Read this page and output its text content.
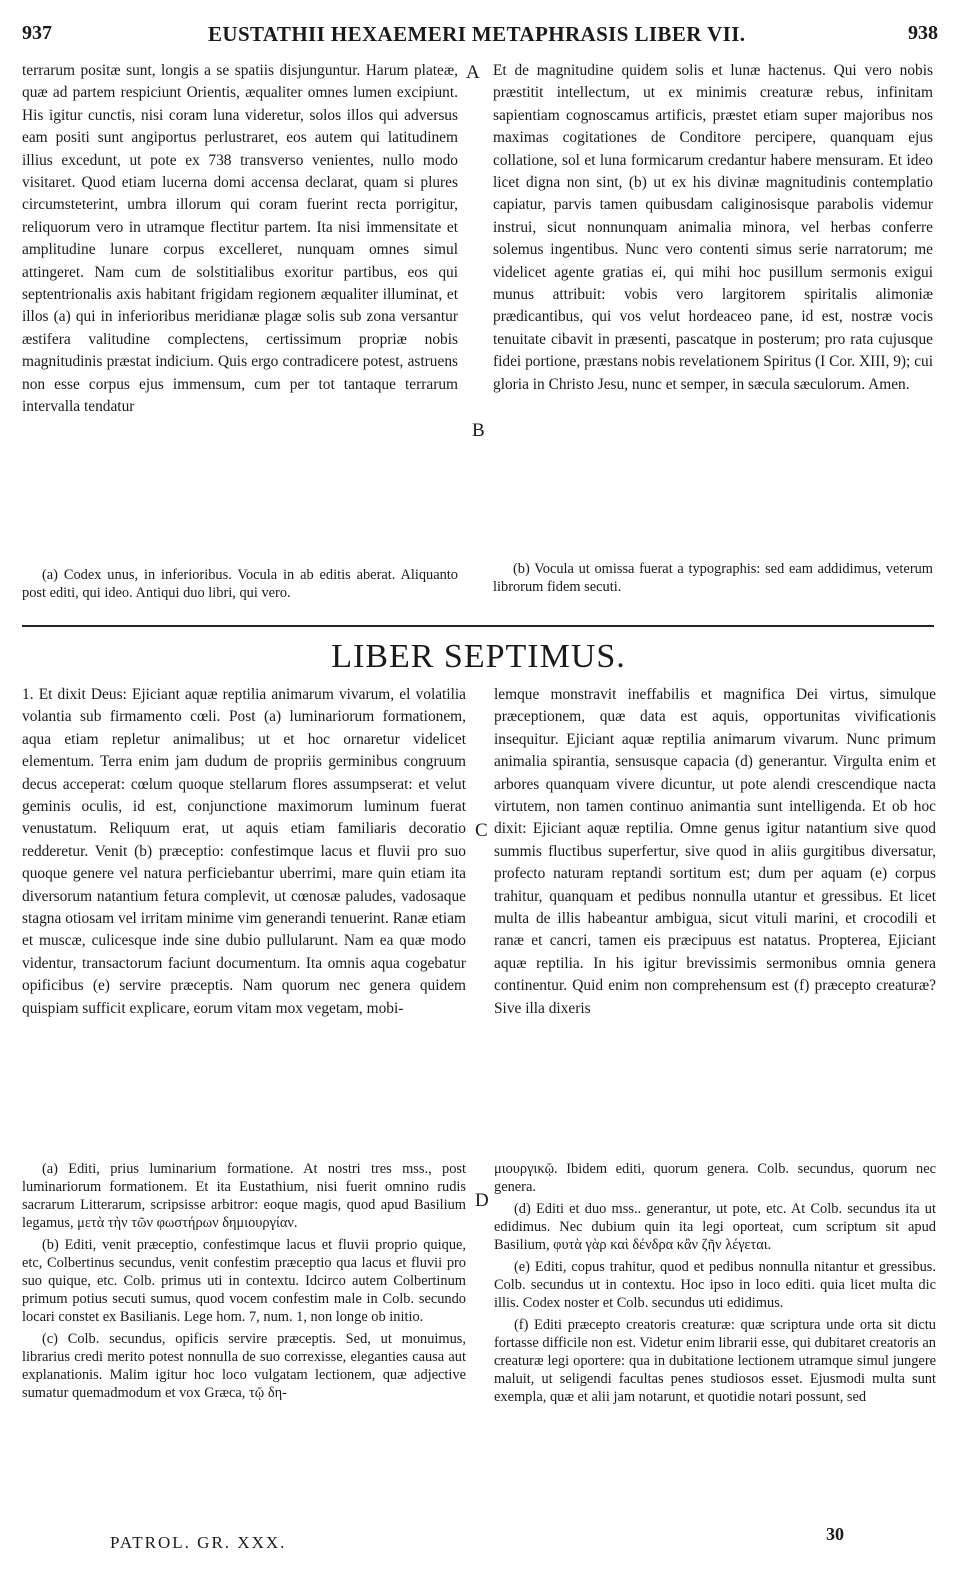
937	EUSTATHII HEXAEMERI METAPHRASIS LIBER VII.	938

terrarum positæ sunt, longis a se spatiis disjunguntur. Harum plateæ, quæ ad partem respiciunt Orientis, æqualiter omnes lumen excipiunt. His igitur cunctis, nisi coram luna videretur, solos illos qui adversus eam positi sunt angiportus perlustraret, eos autem qui latitudinem illius excedunt, ut pote ex 738 transverso venientes, nullo modo visitaret. Quod etiam lucerna domi accensa declarat, quam si plures circumsteterint, umbra illorum qui coram fuerint recta porrigitur, reliquorum vero in utramque flectitur partem. Ita nisi immensitate et amplitudine lunare corpus excelleret, nunquam omnes simul attingeret. Nam cum de solstitialibus exoritur partibus, eos qui septentrionalis axis habitant frigidam regionem æqualiter illuminat, et illos (a) qui in inferioribus meridianæ plagæ solis sub zona versantur æstifera valitudine complectens, certissimum propriæ nobis magnitudinis præstat indicium. Quis ergo contradicere potest, astruens non esse corpus ejus immensum, cum per tot tantaque terrarum intervalla tendatur

(a) Codex unus, in inferioribus. Vocula in ab editis aberat. Aliquanto post editi, qui ideo. Antiqui duo libri, qui vero.

A
B

Et de magnitudine quidem solis et lunæ hactenus. Qui vero nobis præstitit intellectum, ut ex minimis creaturæ rebus, infinitam sapientiam cognoscamus artificis, præstet etiam super majoribus nos maximas cogitationes de Conditore percipere, quanquam ejus collatione, sol et luna formicarum credantur habere mensuram. Et ideo licet digna non sint, (b) ut ex his divinæ magnitudinis contemplatio capiatur, parvis tamen quibusdam caliginosisque parabolis videmur instrui, sicut nonnunquam animalia minora, vel herbas conferre solemus ingentibus. Nunc vero contenti simus serie narratorum; me videlicet agente gratias ei, qui mihi hoc pusillum sermonis exigui munus attribuit: vobis vero largitorem spiritalis alimoniæ prædicantibus, qui vos velut hordeaceo pane, id est, nostræ vocis tenuitate cibavit in præsenti, pascatque in posterum; pro rata cujusque fidei portione, præstans nobis revelationem Spiritus (I Cor. XIII, 9); cui gloria in Christo Jesu, nunc et semper, in sæcula sæculorum. Amen.

(b) Vocula ut omissa fuerat a typographis: sed eam addidimus, veterum librorum fidem secuti.

LIBER SEPTIMUS.

1. Et dixit Deus: Ejiciant aquæ reptilia animarum vivarum, el volatilia volantia sub firmamento cœli. Post (a) luminariorum formationem, aqua etiam repletur animalibus; ut et hoc ornaretur videlicet elementum. Terra enim jam dudum de propriis germinibus congruum decus acceperat: cœlum quoque stellarum flores assumpserat: et velut geminis oculis, id est, conjunctione maximorum luminum fuerat venustatum. Reliquum erat, ut aquis etiam familiaris decoratio redderetur. Venit (b) præceptio: confestimque lacus et fluvii pro suo quoque genere vel natura perficiebantur uberrimi, mare quin etiam ita diversorum natantium fetura complevit, ut cœnosæ paludes, vadosaque stagna otiosam vel irritam minime vim generandi tenuerint. Ranæ etiam et muscæ, culicesque inde sine dubio pullularunt. Nam ea quæ modo videntur, transactorum faciunt documentum. Ita omnis aqua cogebatur opificibus (e) servire præceptis. Nam quorum nec genera quidem quispiam sufficit explicare, eorum vitam mox vegetam, mobi-

(a) Editi, prius luminarium formatione. At nostri tres mss., post luminariorum formationem. Et ita Eustathium, nisi fuerit omnino rudis sacrarum Litterarum, scripsisse arbitror: eoque magis, quod apud Basilium legamus, μετὰ τὴν τῶν φωστήρων δημιουργίαν.

(b) Editi, venit præceptio, confestimque lacus et fluvii proprio quique, etc, Colbertinus secundus, venit confestim præceptio qua lacus et fluvii pro suo quique, etc. Colb. primus uti in contextu. Idcirco autem Colbertinum primum potius secuti sumus, quod vocem confestim male in Colb. secundo locari constet ex Basilianis. Lege hom. 7, num. 1, non longe ob initio.

(c) Colb. secundus, opificis servire præceptis. Sed, ut monuimus, librarius credi merito potest nonnulla de suo correxisse, eleganties causa aut explanationis. Malim igitur hoc loco vulgatam lectionem, quæ adjective sumatur quemadmodum et vox Græca, τῷ δη-

C
D

lemque monstravit ineffabilis et magnifica Dei virtus, simulque præceptionem, quæ data est aquis, opportunitas vivificationis insequitur. Ejiciant aquæ reptilia animarum vivarum. Nunc primum animalia spirantia, sensusque capacia (d) generantur. Virgulta enim et arbores quanquam vivere dicuntur, ut pote alendi crescendique nacta virtutem, non tamen continuo animantia sunt intelligenda. Et ob hoc dixit: Ejiciant aquæ reptilia. Omne genus igitur natantium sive quod summis fluctibus superfertur, sive quod in aliis gurgitibus diversatur, profecto naturam reptandi sortitum est; dum per aquam (e) corpus trahitur, quanquam et pedibus nonnulla utantur et gressibus. Et licet multa de illis habeantur ambigua, sicut vituli marini, et crocodili et ranæ et cancri, tamen eis præcipuus est natatus. Propterea, Ejiciant aquæ reptilia. In his igitur brevissimis sermonibus omnia genera continentur. Quid enim non comprehensum est (f) præcepto creaturæ? Sive illa dixeris

μιουργικῷ. Ibidem editi, quorum genera. Colb. secundus, quorum nec genera.

(d) Editi et duo mss.. generantur, ut pote, etc. At Colb. secundus ita ut edidimus. Nec dubium quin ita legi oporteat, cum scriptum sit apud Basilium, φυτὰ γὰρ καὶ δένδρα κἂν ζῆν λέγεται.

(e) Editi, copus trahitur, quod et pedibus nonnulla nitantur et gressibus. Colb. secundus ut in contextu. Hoc ipso in loco editi. quia licet multa dic illis. Codex noster et Colb. secundus uti edidimus.

(f) Editi præcepto creatoris creaturæ: quæ scriptura unde orta sit dictu fortasse difficile non est. Videtur enim librarii esse, qui dubitaret creatoris an creaturæ legi oportere: qua in dubitatione lectionem utramque simul jungere maluit, ut seligendi facultas penes studiosos esset. Ejusmodi multa sunt exempla, quæ et alii jam notarunt, et quotidie notari possunt, sed

PATROL. GR. XXX.	30
